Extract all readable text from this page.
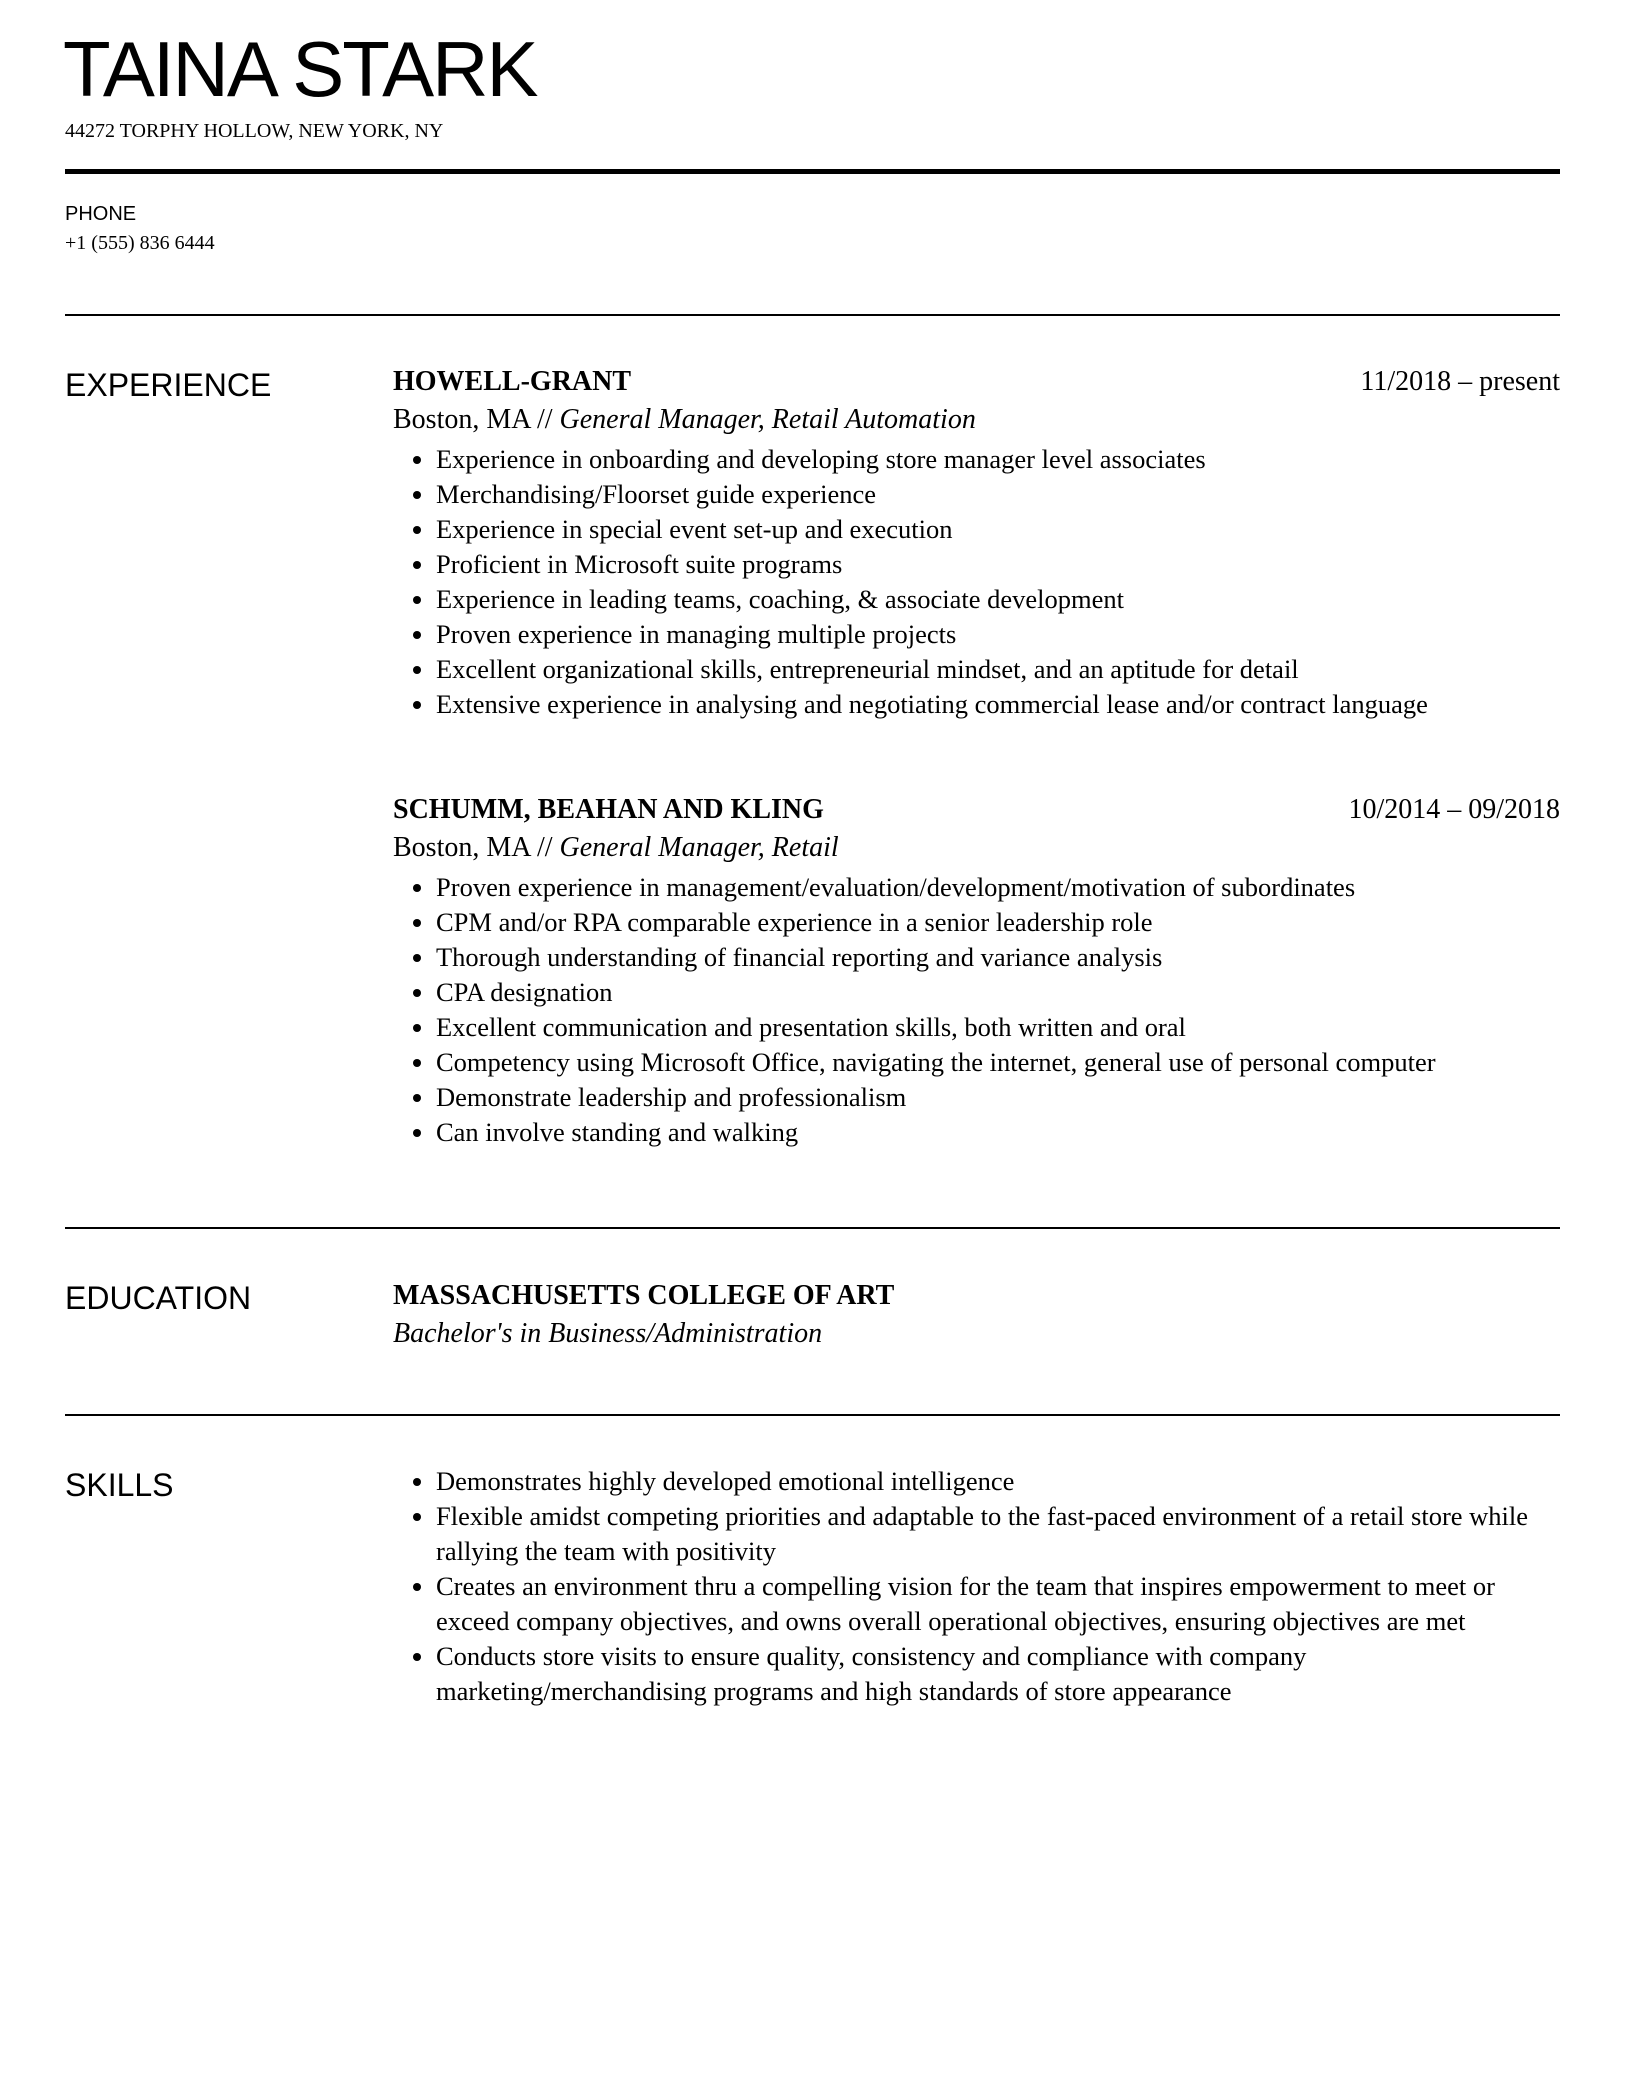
TAINA STARK
44272 TORPHY HOLLOW, NEW YORK, NY
PHONE
+1 (555) 836 6444
EXPERIENCE	HOWELL-GRANT	11/2018 – present
Boston, MA // General Manager, Retail Automation
• Experience in onboarding and developing store manager level associates
• Merchandising/Floorset guide experience
• Experience in special event set-up and execution
• Proficient in Microsoft suite programs
• Experience in leading teams, coaching, & associate development
• Proven experience in managing multiple projects
• Excellent organizational skills, entrepreneurial mindset, and an aptitude for detail
• Extensive experience in analysing and negotiating commercial lease and/or contract language
SCHUMM, BEAHAN AND KLING	10/2014 – 09/2018
Boston, MA // General Manager, Retail
• Proven experience in management/evaluation/development/motivation of subordinates
• CPM and/or RPA comparable experience in a senior leadership role
• Thorough understanding of financial reporting and variance analysis
• CPA designation
• Excellent communication and presentation skills, both written and oral
• Competency using Microsoft Office, navigating the internet, general use of personal computer
• Demonstrate leadership and professionalism
• Can involve standing and walking
EDUCATION	MASSACHUSETTS COLLEGE OF ART
Bachelor's in Business/Administration
SKILLS	• Demonstrates highly developed emotional intelligence
• Flexible amidst competing priorities and adaptable to the fast-paced environment of a retail store while rallying the team with positivity
• Creates an environment thru a compelling vision for the team that inspires empowerment to meet or exceed company objectives, and owns overall operational objectives, ensuring objectives are met
• Conducts store visits to ensure quality, consistency and compliance with company marketing/merchandising programs and high standards of store appearance
